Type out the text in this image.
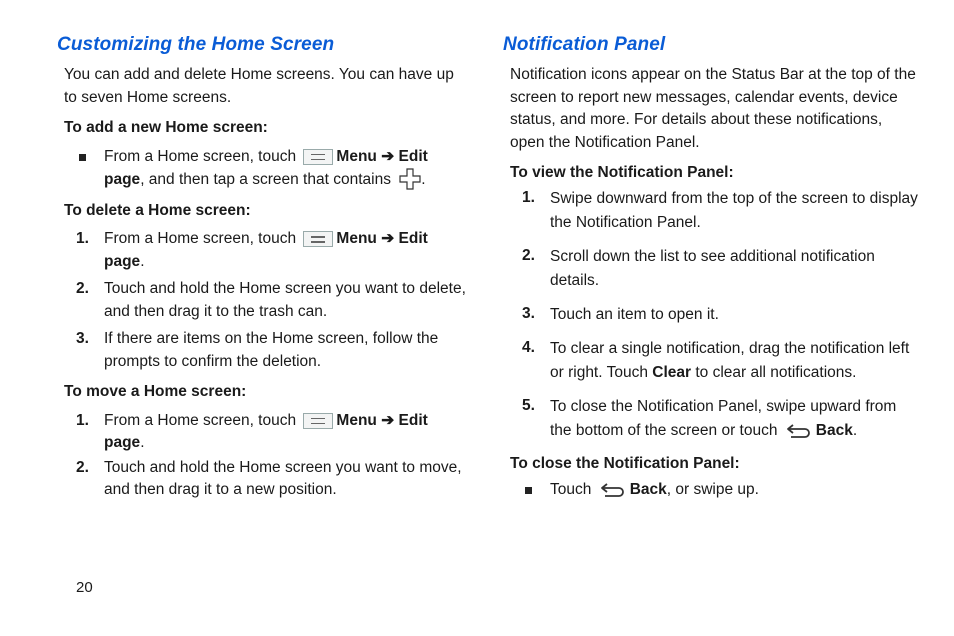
Customizing the Home Screen

You can add and delete Home screens. You can have up to seven Home screens.

To add a new Home screen:
From a Home screen, touch	Menu ➔ Edit page, and then tap a screen that contains .
To delete a Home screen:
1. From a Home screen, touch	Menu ➔ Edit page.
2. Touch and hold the Home screen you want to delete, and then drag it to the trash can.
3. If there are items on the Home screen, follow the prompts to confirm the deletion.
To move a Home screen:
1. From a Home screen, touch	Menu ➔ Edit page.
2. Touch and hold the Home screen you want to move, and then drag it to a new position.
Notification Panel

Notification icons appear on the Status Bar at the top of the screen to report new messages, calendar events, device status, and more. For details about these notifications, open the Notification Panel.

To view the Notification Panel:
1. Swipe downward from the top of the screen to display the Notification Panel.
2. Scroll down the list to see additional notification details.
3. Touch an item to open it.
4. To clear a single notification, drag the notification left or right. Touch Clear to clear all notifications.
5. To close the Notification Panel, swipe upward from the bottom of the screen or touch Back.
To close the Notification Panel:
Touch Back, or swipe up.
20
